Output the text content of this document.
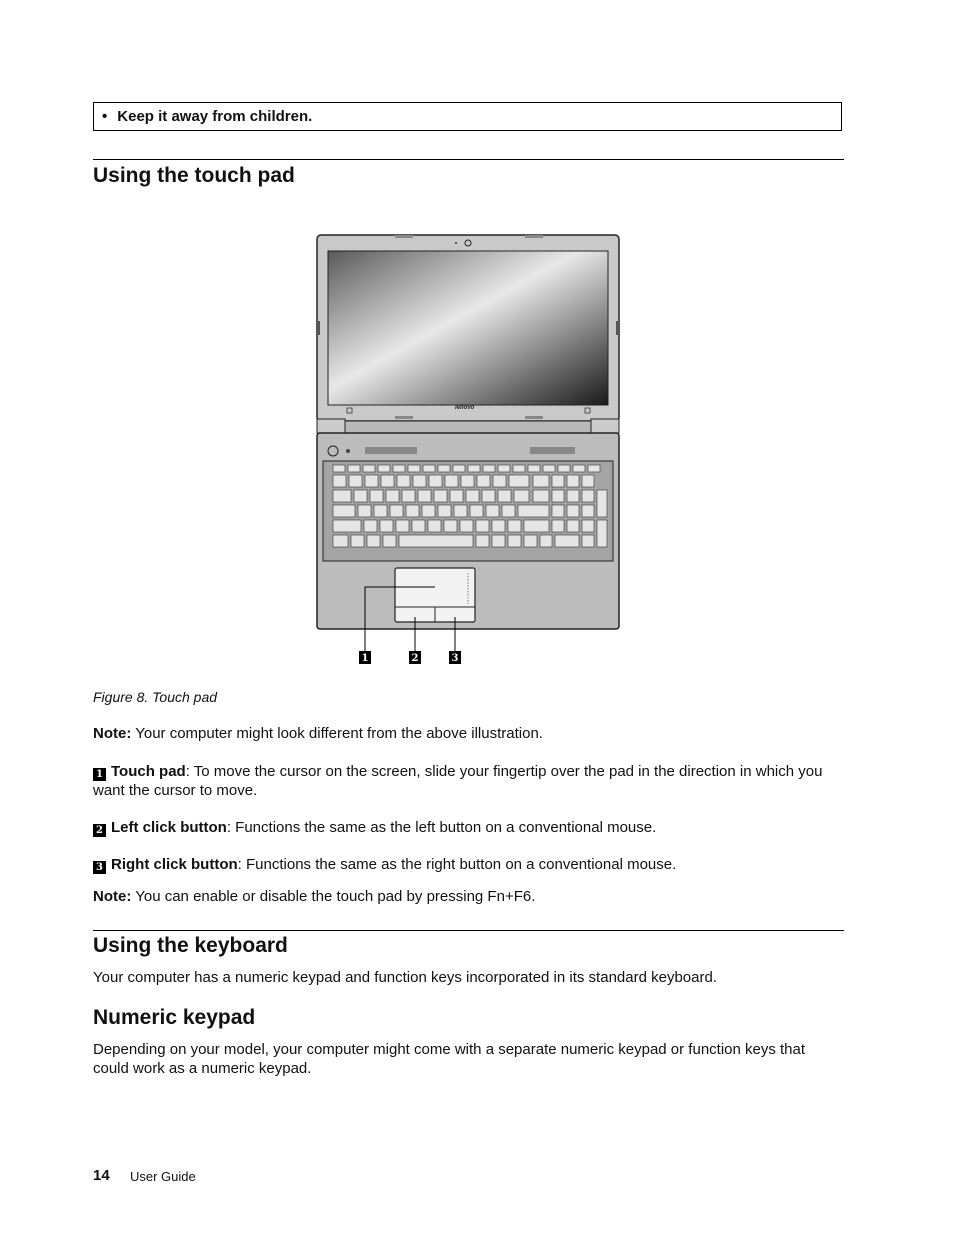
• Keep it away from children.
Using the touch pad
lenovo
1	2	3
Figure 8. Touch pad
Note: Your computer might look different from the above illustration.
1 Touch pad: To move the cursor on the screen, slide your fingertip over the pad in the direction in which you want the cursor to move.
2 Left click button: Functions the same as the left button on a conventional mouse.
3 Right click button: Functions the same as the right button on a conventional mouse.
Note: You can enable or disable the touch pad by pressing Fn+F6.
Using the keyboard
Your computer has a numeric keypad and function keys incorporated in its standard keyboard.
Numeric keypad
Depending on your model, your computer might come with a separate numeric keypad or function keys that could work as a numeric keypad.
14 User Guide
